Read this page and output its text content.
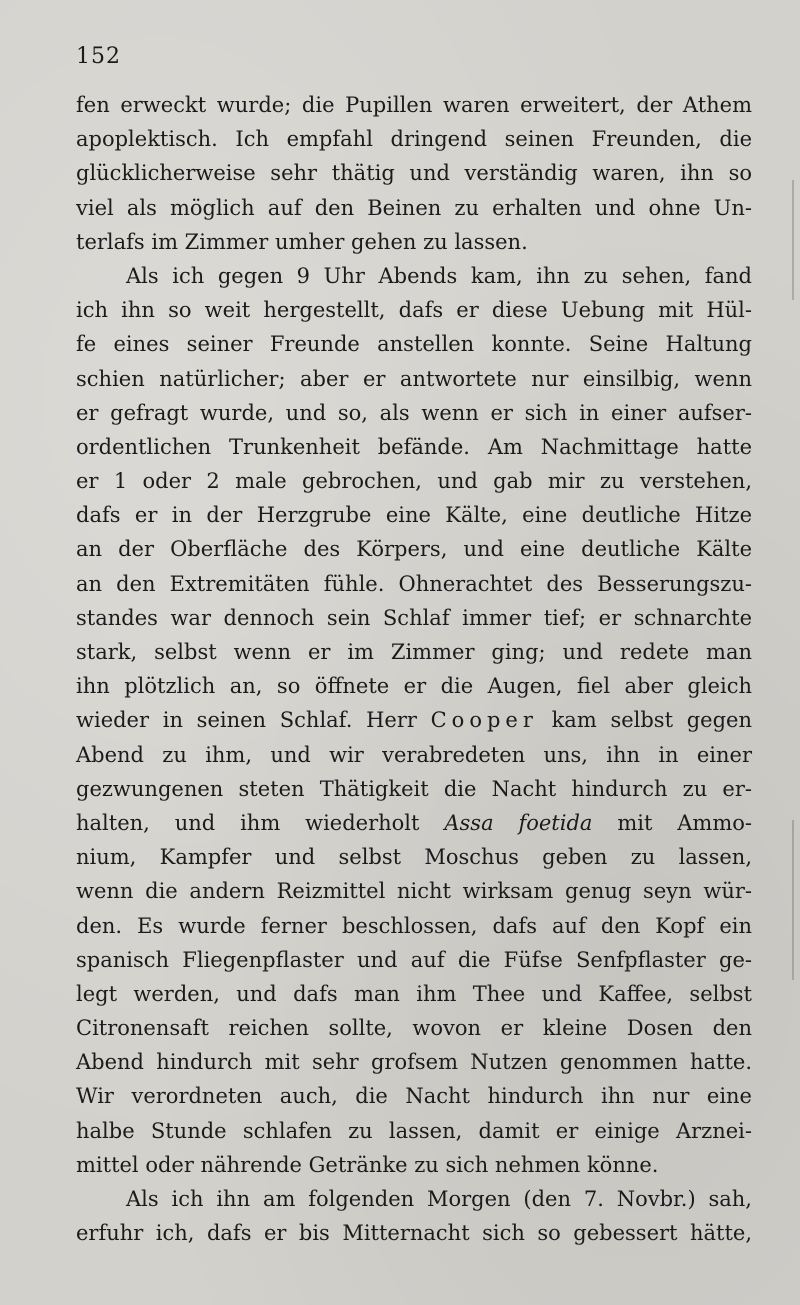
152
fen erweckt wurde; die Pupillen waren erweitert, der Athem
apoplektisch. Ich empfahl dringend seinen Freunden, die
glücklicherweise sehr thätig und verständig waren, ihn so
viel als möglich auf den Beinen zu erhalten und ohne Un-
terlafs im Zimmer umher gehen zu lassen.
Als ich gegen 9 Uhr Abends kam, ihn zu sehen, fand
ich ihn so weit hergestellt, dafs er diese Uebung mit Hül-
fe eines seiner Freunde anstellen konnte. Seine Haltung
schien natürlicher; aber er antwortete nur einsilbig, wenn
er gefragt wurde, und so, als wenn er sich in einer aufser-
ordentlichen Trunkenheit befände. Am Nachmittage hatte
er 1 oder 2 male gebrochen, und gab mir zu verstehen,
dafs er in der Herzgrube eine Kälte, eine deutliche Hitze
an der Oberfläche des Körpers, und eine deutliche Kälte
an den Extremitäten fühle. Ohnerachtet des Besserungszu-
standes war dennoch sein Schlaf immer tief; er schnarchte
stark, selbst wenn er im Zimmer ging; und redete man
ihn plötzlich an, so öffnete er die Augen, fiel aber gleich
wieder in seinen Schlaf. Herr Cooper kam selbst gegen
Abend zu ihm, und wir verabredeten uns, ihn in einer
gezwungenen steten Thätigkeit die Nacht hindurch zu er-
halten, und ihm wiederholt Assa foetida mit Ammo-
nium, Kampfer und selbst Moschus geben zu lassen,
wenn die andern Reizmittel nicht wirksam genug seyn wür-
den. Es wurde ferner beschlossen, dafs auf den Kopf ein
spanisch Fliegenpflaster und auf die Füfse Senfpflaster ge-
legt werden, und dafs man ihm Thee und Kaffee, selbst
Citronensaft reichen sollte, wovon er kleine Dosen den
Abend hindurch mit sehr grofsem Nutzen genommen hatte.
Wir verordneten auch, die Nacht hindurch ihn nur eine
halbe Stunde schlafen zu lassen, damit er einige Arznei-
mittel oder nährende Getränke zu sich nehmen könne.
Als ich ihn am folgenden Morgen (den 7. Novbr.) sah,
erfuhr ich, dafs er bis Mitternacht sich so gebessert hätte,
